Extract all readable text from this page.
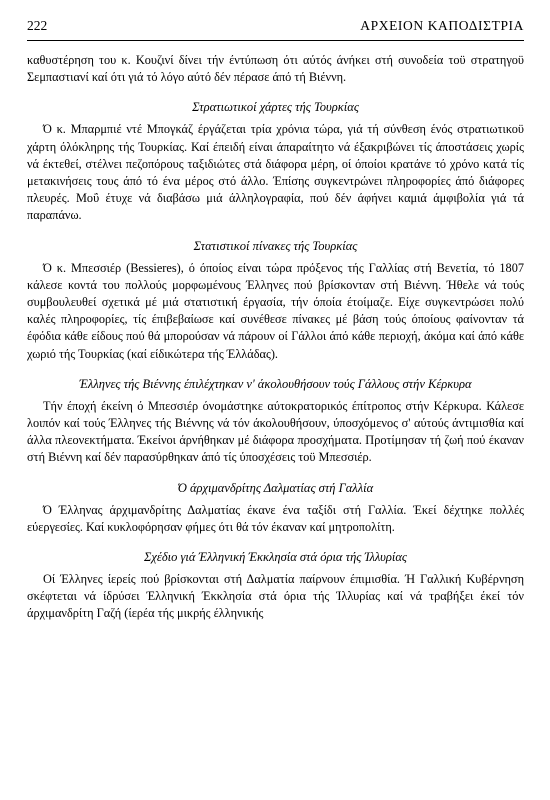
222	ΑΡΧΕΙΟΝ ΚΑΠΟΔΙΣΤΡΙΑ

καθυστέρηση του κ. Κουζινί δίνει τήν έντύπωση ότι αύτός άνήκει στή συνοδεία τοϋ στρατηγοϋ Σεμπαστιανί καί ότι γιά τό λόγο αύτό δέν πέρασε άπό τή Βιέννη.

Στρατιωτικοί χάρτες τής Τουρκίας

Ό κ. Μπαρμπιέ ντέ Μπογκάζ έργάζεται τρία χρόνια τώρα, γιά τή σύνθεση ένός στρατιωτικοϋ χάρτη όλόκληρης τής Τουρκίας. Καί έπειδή είναι άπαραίτητο νά έξακριβώνει τίς άποστάσεις χωρίς νά έκτεθεί, στέλνει πεζοπόρους ταξιδιώτες στά διάφορα μέρη, οί όποίοι κρατάνε τό χρόνο κατά τίς μετακινήσεις τους άπό τό ένα μέρος στό άλλο. Έπίσης συγκεντρώνει πληροφορίες άπό διάφορες πλευρές. Μοΰ έτυχε νά διαβάσω μιά άλληλογραφία, πού δέν άφήνει καμιά άμφιβολία γιά τά παραπάνω.

Στατιστικοί πίνακες τής Τουρκίας

Ό κ. Μπεσσιέρ (Bessieres), ό όποίος είναι τώρα πρόξενος τής Γαλλίας στή Βενετία, τό 1807 κάλεσε κοντά του πολλούς μορφωμένους Έλληνες πού βρίσκονταν στή Βιέννη. Ήθελε νά τούς συμβουλευθεί σχετικά μέ μιά στατιστική έργασία, τήν όποία έτοίμαζε. Είχε συγκεντρώσει πολύ καλές πληροφορίες, τίς έπιβεβαίωσε καί συνέθεσε πίνακες μέ βάση τούς όποίους φαίνονταν τά έφόδια κάθε είδους πού θά μπορούσαν νά πάρουν οί Γάλλοι άπό κάθε περιοχή, άκόμα καί άπό κάθε χωριό τής Τουρκίας (καί είδικώτερα τής Έλλάδας).

Έλληνες τής Βιέννης έπιλέχτηκαν ν' άκολουθήσουν τούς Γάλλους στήν Κέρκυρα

Τήν έποχή έκείνη ό Μπεσσιέρ όνομάστηκε αύτοκρατορικός έπίτροπος στήν Κέρκυρα. Κάλεσε λοιπόν καί τούς Έλληνες τής Βιέννης νά τόν άκολουθήσουν, ύποσχόμενος σ' αύτούς άντιμισθία καί άλλα πλεονεκτήματα. Έκείνοι άρνήθηκαν μέ διάφορα προσχήματα. Προτίμησαν τή ζωή πού έκαναν στή Βιέννη καί δέν παρασύρθηκαν άπό τίς ύποσχέσεις τοϋ Μπεσσιέρ.

Ό άρχιμανδρίτης Δαλματίας στή Γαλλία

Ό Έλληνας άρχιμανδρίτης Δαλματίας έκανε ένα ταξίδι στή Γαλλία. Έκεί δέχτηκε πολλές εύεργεσίες. Καί κυκλοφόρησαν φήμες ότι θά τόν έκαναν καί μητροπολίτη.

Σχέδιο γιά Έλληνική Έκκλησία στά όρια τής Ίλλυρίας

Οί Έλληνες ίερείς πού βρίσκονται στή Δαλματία παίρνουν έπιμισθία. Ή Γαλλική Κυβέρνηση σκέφτεται νά ίδρύσει Έλληνική Έκκλησία στά όρια τής Ίλλυρίας καί νά τραβήξει έκεί τόν άρχιμανδρίτη Γαζή (ίερέα τής μικρής έλληνικής
